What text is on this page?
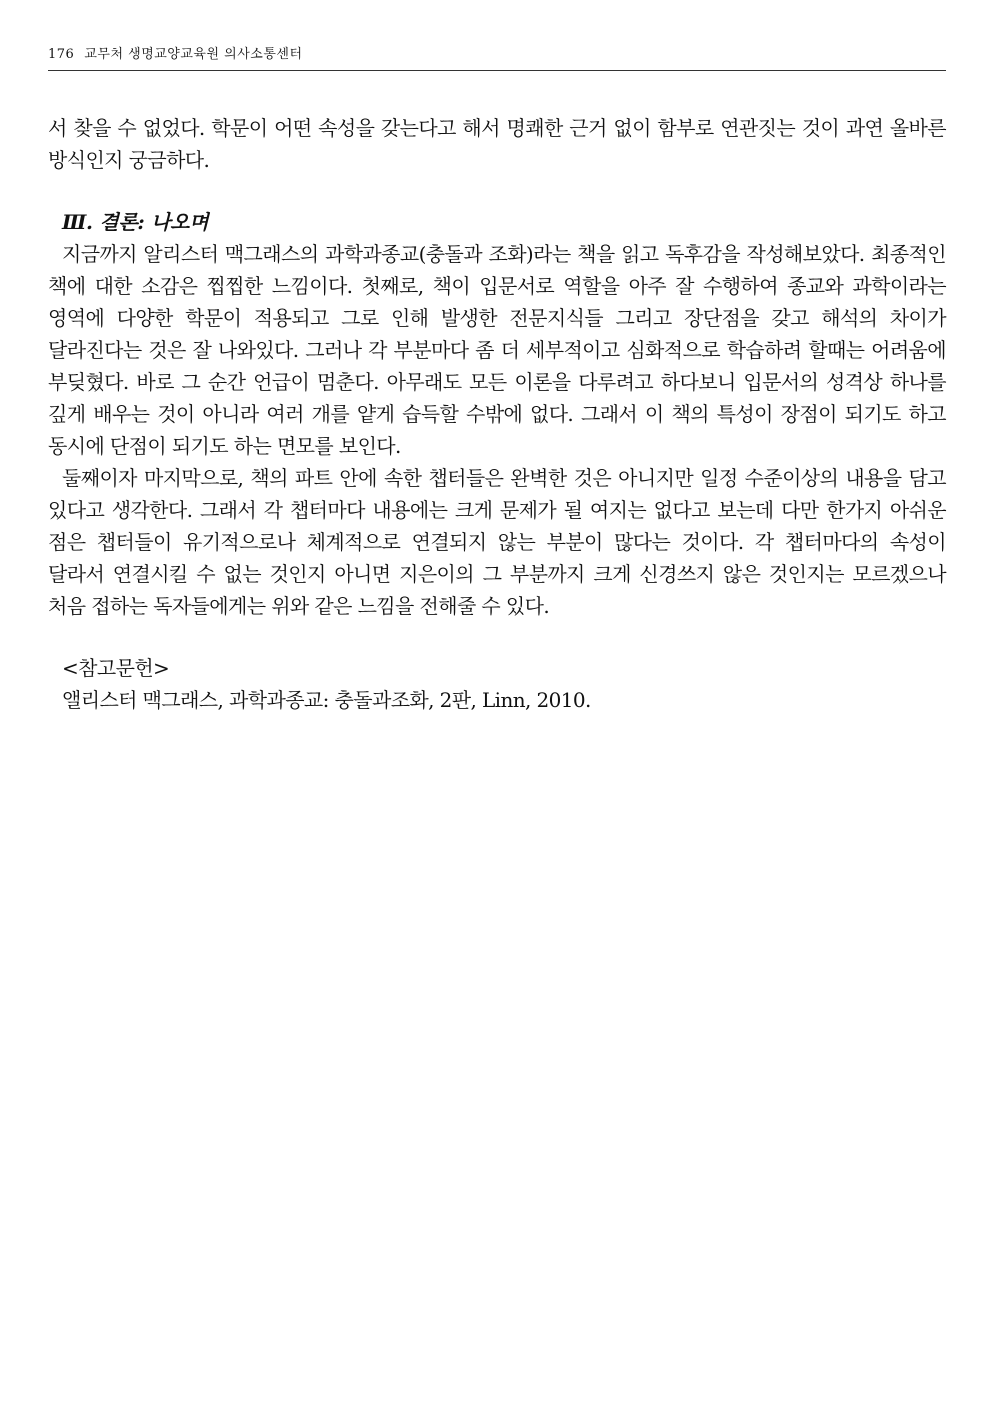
176 교무처 생명교양교육원 의사소통센터

서 찾을 수 없었다. 학문이 어떤 속성을 갖는다고 해서 명쾌한 근거 없이 함부로 연관짓는 것이 과연 올바른 방식인지 궁금하다.

Ⅲ. 결론: 나오며

지금까지 알리스터 맥그래스의 과학과종교(충돌과 조화)라는 책을 읽고 독후감을 작성해보았다. 최종적인 책에 대한 소감은 찝찝한 느낌이다. 첫째로, 책이 입문서로 역할을 아주 잘 수행하여 종교와 과학이라는 영역에 다양한 학문이 적용되고 그로 인해 발생한 전문지식들 그리고 장단점을 갖고 해석의 차이가 달라진다는 것은 잘 나와있다. 그러나 각 부분마다 좀 더 세부적이고 심화적으로 학습하려 할때는 어려움에 부딪혔다. 바로 그 순간 언급이 멈춘다. 아무래도 모든 이론을 다루려고 하다보니 입문서의 성격상 하나를 깊게 배우는 것이 아니라 여러 개를 얕게 습득할 수밖에 없다. 그래서 이 책의 특성이 장점이 되기도 하고 동시에 단점이 되기도 하는 면모를 보인다.

둘째이자 마지막으로, 책의 파트 안에 속한 챕터들은 완벽한 것은 아니지만 일정 수준이상의 내용을 담고 있다고 생각한다. 그래서 각 챕터마다 내용에는 크게 문제가 될 여지는 없다고 보는데 다만 한가지 아쉬운 점은 챕터들이 유기적으로나 체계적으로 연결되지 않는 부분이 많다는 것이다. 각 챕터마다의 속성이 달라서 연결시킬 수 없는 것인지 아니면 지은이의 그 부분까지 크게 신경쓰지 않은 것인지는 모르겠으나 처음 접하는 독자들에게는 위와 같은 느낌을 전해줄 수 있다.

<참고문헌>

앨리스터 맥그래스, 과학과종교: 충돌과조화, 2판, Linn, 2010.
